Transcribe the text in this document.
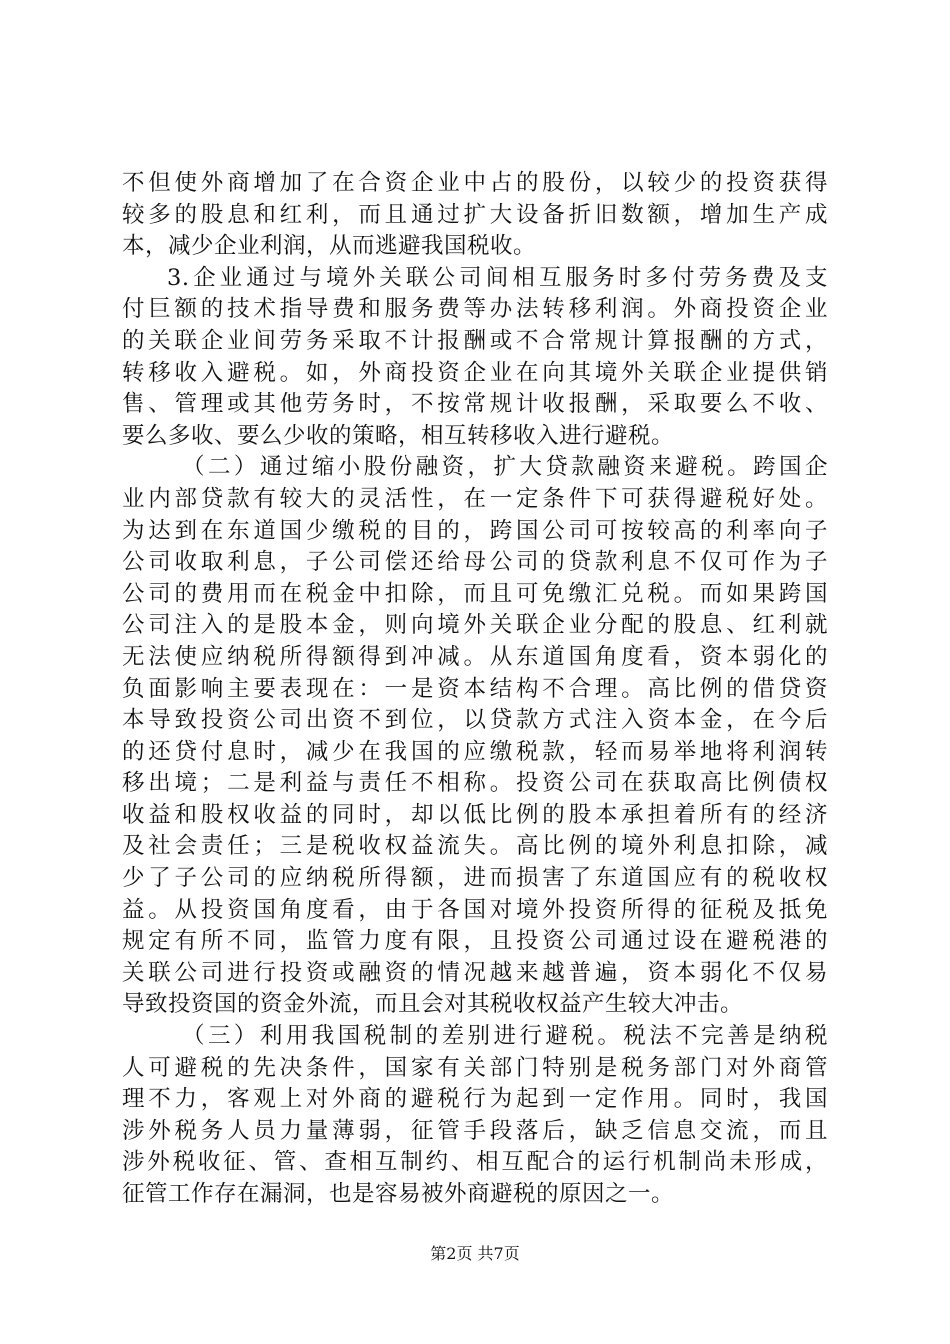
不但使外商增加了在合资企业中占的股份，以较少的投资获得
较多的股息和红利，而且通过扩大设备折旧数额，增加生产成
本，减少企业利润，从而逃避我国税收。
3.企业通过与境外关联公司间相互服务时多付劳务费及支
付巨额的技术指导费和服务费等办法转移利润。外商投资企业
的关联企业间劳务采取不计报酬或不合常规计算报酬的方式，
转移收入避税。如，外商投资企业在向其境外关联企业提供销
售、管理或其他劳务时，不按常规计收报酬，采取要么不收、
要么多收、要么少收的策略，相互转移收入进行避税。
（二）通过缩小股份融资，扩大贷款融资来避税。跨国企
业内部贷款有较大的灵活性，在一定条件下可获得避税好处。
为达到在东道国少缴税的目的，跨国公司可按较高的利率向子
公司收取利息，子公司偿还给母公司的贷款利息不仅可作为子
公司的费用而在税金中扣除，而且可免缴汇兑税。而如果跨国
公司注入的是股本金，则向境外关联企业分配的股息、红利就
无法使应纳税所得额得到冲减。从东道国角度看，资本弱化的
负面影响主要表现在：一是资本结构不合理。高比例的借贷资
本导致投资公司出资不到位，以贷款方式注入资本金，在今后
的还贷付息时，减少在我国的应缴税款，轻而易举地将利润转
移出境；二是利益与责任不相称。投资公司在获取高比例债权
收益和股权收益的同时，却以低比例的股本承担着所有的经济
及社会责任；三是税收权益流失。高比例的境外利息扣除，减
少了子公司的应纳税所得额，进而损害了东道国应有的税收权
益。从投资国角度看，由于各国对境外投资所得的征税及抵免
规定有所不同，监管力度有限，且投资公司通过设在避税港的
关联公司进行投资或融资的情况越来越普遍，资本弱化不仅易
导致投资国的资金外流，而且会对其税收权益产生较大冲击。
（三）利用我国税制的差别进行避税。税法不完善是纳税
人可避税的先决条件，国家有关部门特别是税务部门对外商管
理不力，客观上对外商的避税行为起到一定作用。同时，我国
涉外税务人员力量薄弱，征管手段落后，缺乏信息交流，而且
涉外税收征、管、查相互制约、相互配合的运行机制尚未形成，
征管工作存在漏洞，也是容易被外商避税的原因之一。
第2页 共7页
